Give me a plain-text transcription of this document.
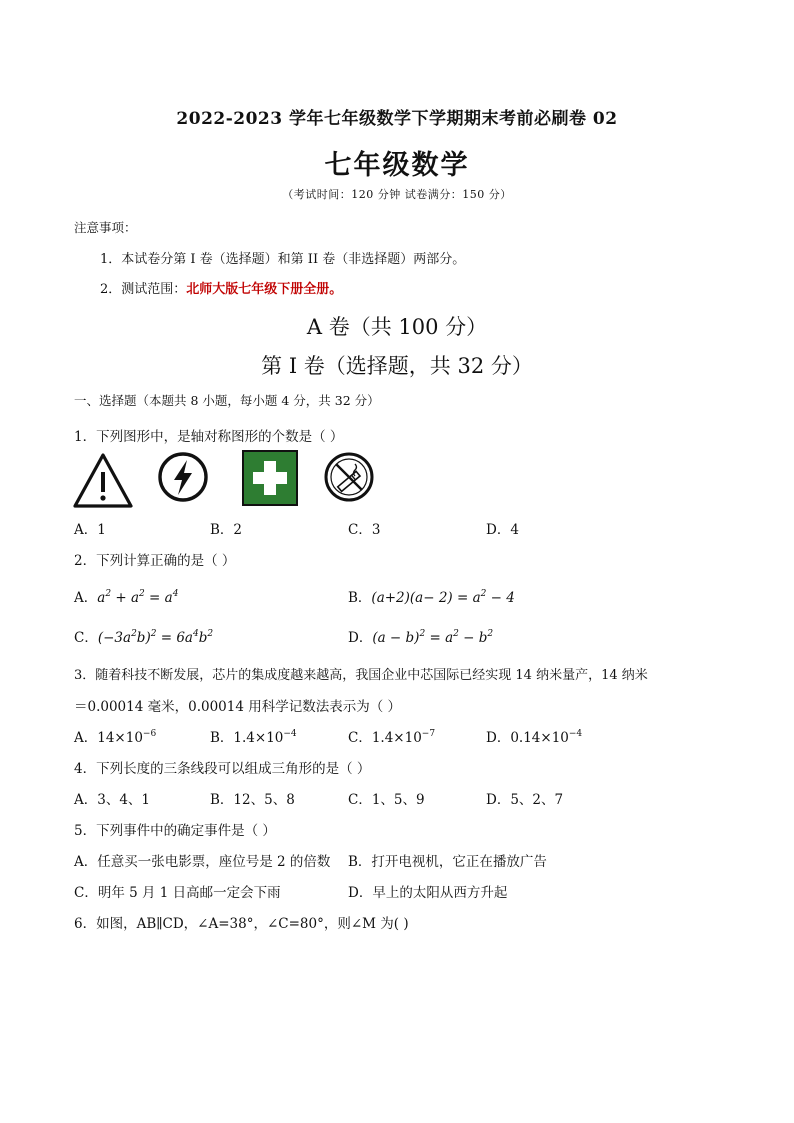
2022-2023 学年七年级数学下学期期末考前必刷卷 02
七年级数学
（考试时间：120 分钟 试卷满分：150 分）
注意事项：
1．本试卷分第 I 卷（选择题）和第 II 卷（非选择题）两部分。
2．测试范围：北师大版七年级下册全册。
A 卷（共 100 分）
第 I 卷（选择题，共 32 分）
一、选择题（本题共 8 小题，每小题 4 分，共 32 分）
1．下列图形中，是轴对称图形的个数是（ ）
A．1	B．2	C．3	D．4
2．下列计算正确的是（ ）
A．$a^2 + a^2 = a^4$	B．$(a+2)(a- 2) = a^2 - 4$
C．$(-3a^2b)^2 = 6a^4b^2$	D．$(a - b)^2 = a^2 - b^2$
3．随着科技不断发展，芯片的集成度越来越高，我国企业中芯国际已经实现 14 纳米量产，14 纳米
＝0.00014 毫米，0.00014 用科学记数法表示为（ ）
A．$14\times 10^{-6}$	B．$1.4\times 10^{-4}$	C．$1.4\times 10^{-7}$	D．$0.14\times 10^{-4}$
4．下列长度的三条线段可以组成三角形的是（ ）
A．3、4、1	B．12、5、8	C．1、5、9	D．5、2、7
5．下列事件中的确定事件是（ ）
A．任意买一张电影票，座位号是 2 的倍数 B．打开电视机，它正在播放广告
C．明年 5 月 1 日高邮一定会下雨	D．早上的太阳从西方升起
6．如图，AB∥CD，∠A=38°，∠C=80°，则∠M 为( )
